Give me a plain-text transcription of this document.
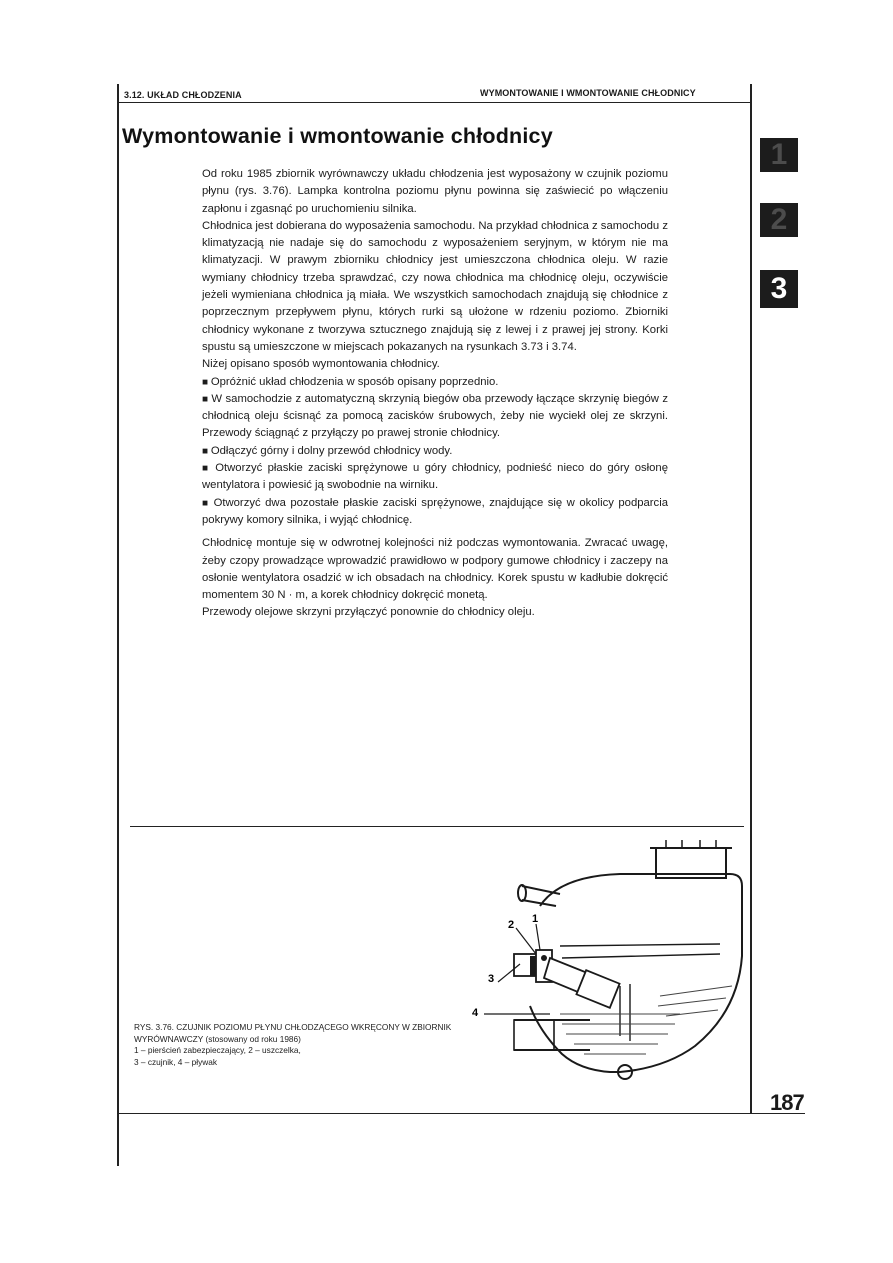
3.12. UKŁAD CHŁODZENIA	WYMONTOWANIE I WMONTOWANIE CHŁODNICY
1
2
3
Wymontowanie i wmontowanie chłodnicy

Od roku 1985 zbiornik wyrównawczy układu chłodzenia jest wyposażony w czujnik poziomu płynu (rys. 3.76). Lampka kontrolna poziomu płynu powinna się zaświecić po włączeniu zapłonu i zgasnąć po uruchomieniu silnika.

Chłodnica jest dobierana do wyposażenia samochodu. Na przykład chłodnica z samochodu z klimatyzacją nie nadaje się do samochodu z wyposażeniem seryjnym, w którym nie ma klimatyzacji. W prawym zbiorniku chłodnicy jest umieszczona chłodnica oleju. W razie wymiany chłodnicy trzeba sprawdzać, czy nowa chłodnica ma chłodnicę oleju, oczywiście jeżeli wymieniana chłodnica ją miała. We wszystkich samochodach znajdują się chłodnice z poprzecznym przepływem płynu, których rurki są ułożone w rdzeniu poziomo. Zbiorniki chłodnicy wykonane z tworzywa sztucznego znajdują się z lewej i z prawej jej strony. Korki spustu są umieszczone w miejscach pokazanych na rysunkach 3.73 i 3.74.

Niżej opisano sposób wymontowania chłodnicy.

■ Opróżnić układ chłodzenia w sposób opisany poprzednio.

■ W samochodzie z automatyczną skrzynią biegów oba przewody łączące skrzynię biegów z chłodnicą oleju ścisnąć za pomocą zacisków śrubowych, żeby nie wyciekł olej ze skrzyni. Przewody ściągnąć z przyłączy po prawej stronie chłodnicy.

■ Odłączyć górny i dolny przewód chłodnicy wody.

■ Otworzyć płaskie zaciski sprężynowe u góry chłodnicy, podnieść nieco do góry osłonę wentylatora i powiesić ją swobodnie na wirniku.

■ Otworzyć dwa pozostałe płaskie zaciski sprężynowe, znajdujące się w okolicy podparcia pokrywy komory silnika, i wyjąć chłodnicę.

Chłodnicę montuje się w odwrotnej kolejności niż podczas wymontowania. Zwracać uwagę, żeby czopy prowadzące wprowadzić prawidłowo w podpory gumowe chłodnicy i zaczepy na osłonie wentylatora osadzić w ich obsadach na chłodnicy. Korek spustu w kadłubie dokręcić momentem 30 N · m, a korek chłodnicy dokręcić monetą.

Przewody olejowe skrzyni przyłączyć ponownie do chłodnicy oleju.

2 1
3
4
RYS. 3.76. CZUJNIK POZIOMU PŁYNU CHŁODZĄCEGO WKRĘCONY W ZBIORNIK WYRÓWNAWCZY (stosowany od roku 1986)
1 – pierścień zabezpieczający, 2 – uszczelka,
3 – czujnik, 4 – pływak
187
